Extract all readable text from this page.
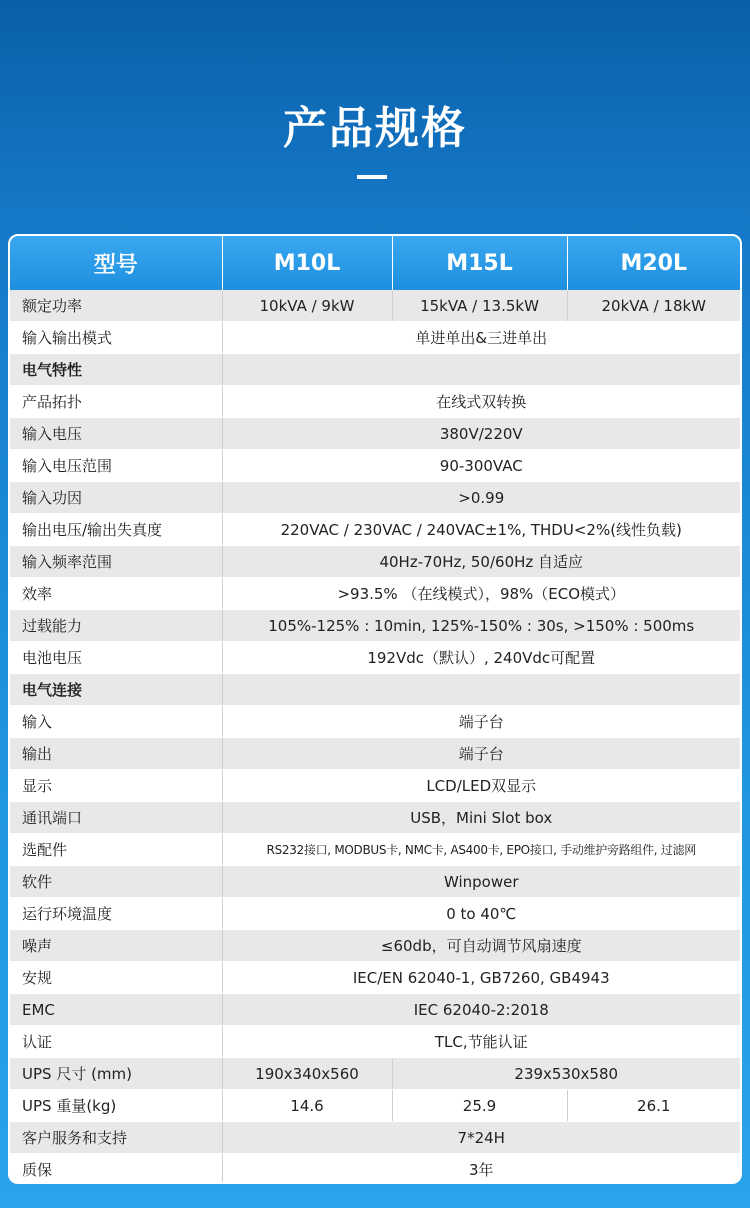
产品规格
型号	M10L	M15L	M20L
额定功率	10kVA / 9kW	15kVA / 13.5kW	20kVA / 18kW
输入输出模式	单进单出&三进单出		
电气特性			
产品拓扑	在线式双转换		
输入电压	380V/220V		
输入电压范围	90-300VAC		
输入功因	>0.99		
输出电压/输出失真度	220VAC / 230VAC / 240VAC±1%, THDU<2%(线性负载)		
输入频率范围	40Hz-70Hz, 50/60Hz 自适应		
效率	>93.5% （在线模式），98%（ECO模式）		
过载能力	105%-125% : 10min, 125%-150% : 30s, >150% : 500ms		
电池电压	192Vdc（默认）, 240Vdc可配置		
电气连接			
输入	端子台		
输出	端子台		
显示	LCD/LED双显示		
通讯端口	USB，Mini Slot box		
选配件	RS232接口, MODBUS卡, NMC卡, AS400卡, EPO接口, 手动维护旁路组件, 过滤网		
软件	Winpower		
运行环境温度	0 to 40℃		
噪声	≤60db，可自动调节风扇速度		
安规	IEC/EN 62040-1, GB7260, GB4943		
EMC	IEC 62040-2:2018		
认证	TLC,节能认证		
UPS 尺寸 (mm)	190x340x560	239x530x580	
UPS 重量(kg)	14.6	25.9	26.1
客户服务和支持	7*24H		
质保	3年		
